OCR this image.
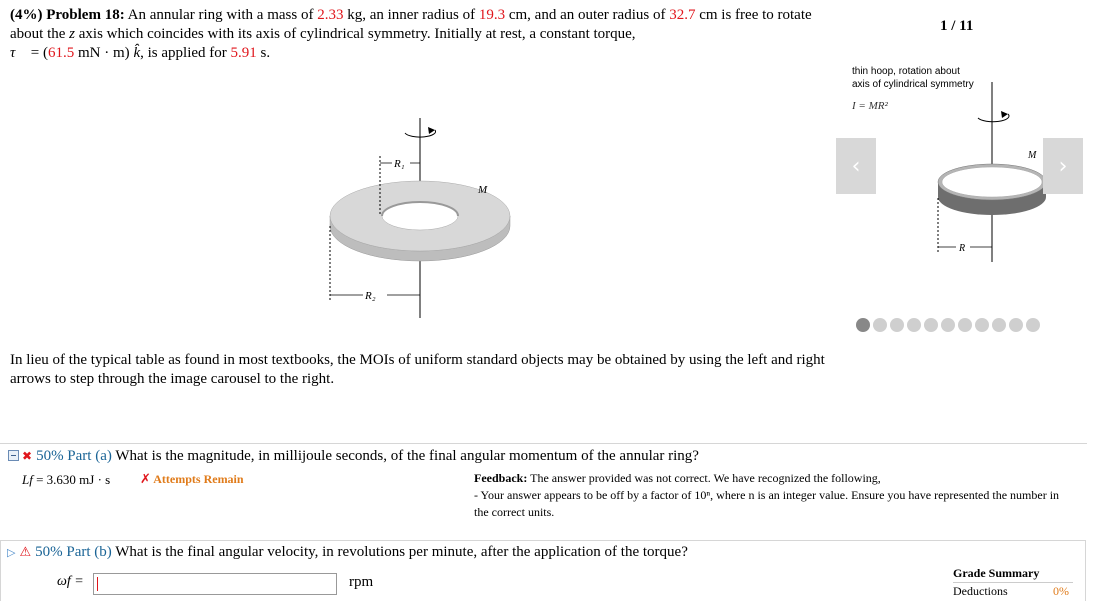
(4%) Problem 18: An annular ring with a mass of 2.33 kg, an inner radius of 19.3 cm, and an outer radius of 32.7 cm is free to rotate about the z axis which coincides with its axis of cylindrical symmetry. Initially at rest, a constant torque,
τ⃗ = (61.5 mN · m) k̂, is applied for 5.91 s.
1 / 11
R₁
R₂
M
thin hoop, rotation about
axis of cylindrical symmetry
I = MR²
R
M
‹	›
In lieu of the typical table as found in most textbooks, the MOIs of uniform standard objects may be obtained by using the left and right arrows to step through the image carousel to the right.
✖ 50% Part (a) What is the magnitude, in millijoule seconds, of the final angular momentum of the annular ring?
Lf = 3.630 mJ · s ✗ Attempts Remain	Feedback: The answer provided was not correct. We have recognized the following,
- Your answer appears to be off by a factor of 10ⁿ, where n is an integer value. Ensure you have represented the number in the correct units.
▷ ⚠ 50% Part (b) What is the final angular velocity, in revolutions per minute, after the application of the torque?
ωf =	rpm
Grade Summary
Deductions	0%
